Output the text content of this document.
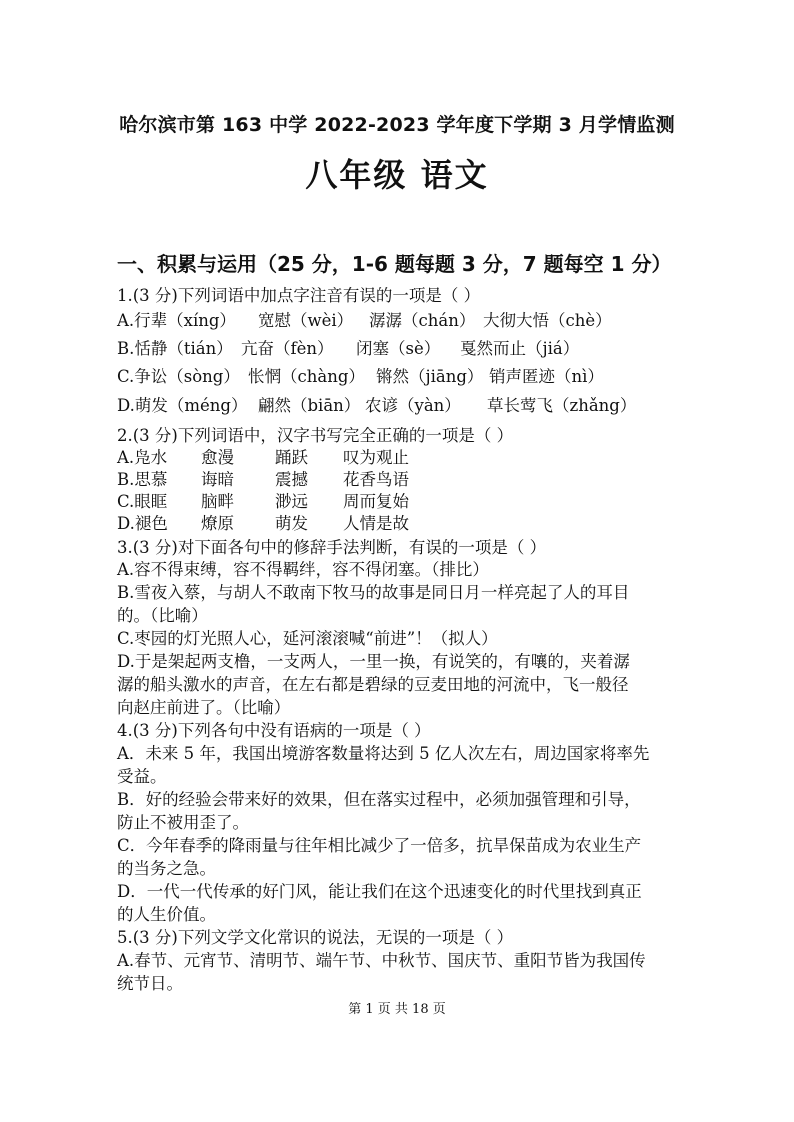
哈尔滨市第 163 中学 2022-2023 学年度下学期 3 月学情监测
八年级 语文
一、积累与运用（25 分，1-6 题每题 3 分，7 题每空 1 分）
1.(3 分)下列词语中加点字注音有误的一项是（ ）
A.行辈（xíng） 宽慰（wèi） 潺潺（chán） 大彻大悟（chè）
B.恬静（tián） 亢奋（fèn） 闭塞（sè） 戛然而止（jiá）
C.争讼（sòng） 怅惘（chàng） 锵然（jiāng） 销声匿迹（nì）
D.萌发（méng） 翩然（biān） 农谚（yàn） 草长莺飞（zhǎng）
2.(3 分)下列词语中，汉字书写完全正确的一项是（ ）
A.凫水 愈漫 踊跃 叹为观止
B.思慕 诲暗 震撼 花香鸟语
C.眼眶 脑畔 渺远 周而复始
D.褪色 燎原 萌发 人情是故
3.(3 分)对下面各句中的修辞手法判断，有误的一项是（ ）
A.容不得束缚，容不得羁绊，容不得闭塞。（排比）
B.雪夜入蔡，与胡人不敢南下牧马的故事是同日月一样亮起了人的耳目
的。（比喻）
C.枣园的灯光照人心，延河滚滚喊“前进”！（拟人）
D.于是架起两支橹，一支两人，一里一换，有说笑的，有嚷的，夹着潺
潺的船头激水的声音，在左右都是碧绿的豆麦田地的河流中，飞一般径
向赵庄前进了。（比喻）
4.(3 分)下列各句中没有语病的一项是（ ）
A．未来 5 年，我国出境游客数量将达到 5 亿人次左右，周边国家将率先
受益。
B．好的经验会带来好的效果，但在落实过程中，必须加强管理和引导，
防止不被用歪了。
C．今年春季的降雨量与往年相比减少了一倍多，抗旱保苗成为农业生产
的当务之急。
D．一代一代传承的好门风，能让我们在这个迅速变化的时代里找到真正
的人生价值。
5.(3 分)下列文学文化常识的说法，无误的一项是（ ）
A.春节、元宵节、清明节、端午节、中秋节、国庆节、重阳节皆为我国传
统节日。
第 1 页 共 18 页
